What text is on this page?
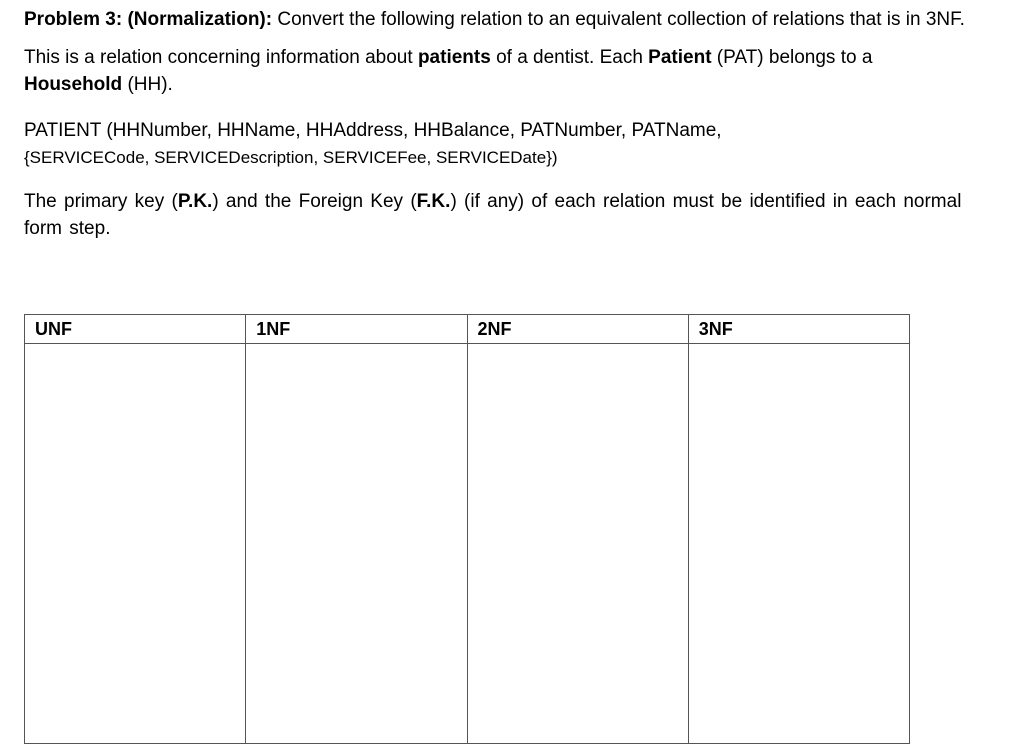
Problem 3: (Normalization): Convert the following relation to an equivalent collection of relations that is in 3NF.

This is a relation concerning information about patients of a dentist. Each Patient (PAT) belongs to a Household (HH).

PATIENT (HHNumber, HHName, HHAddress, HHBalance, PATNumber, PATName,

{SERVICECode, SERVICEDescription, SERVICEFee, SERVICEDate})

The primary key (P.K.) and the Foreign Key (F.K.) (if any) of each relation must be identified in each normal form step.

UNF	1NF	2NF	3NF
